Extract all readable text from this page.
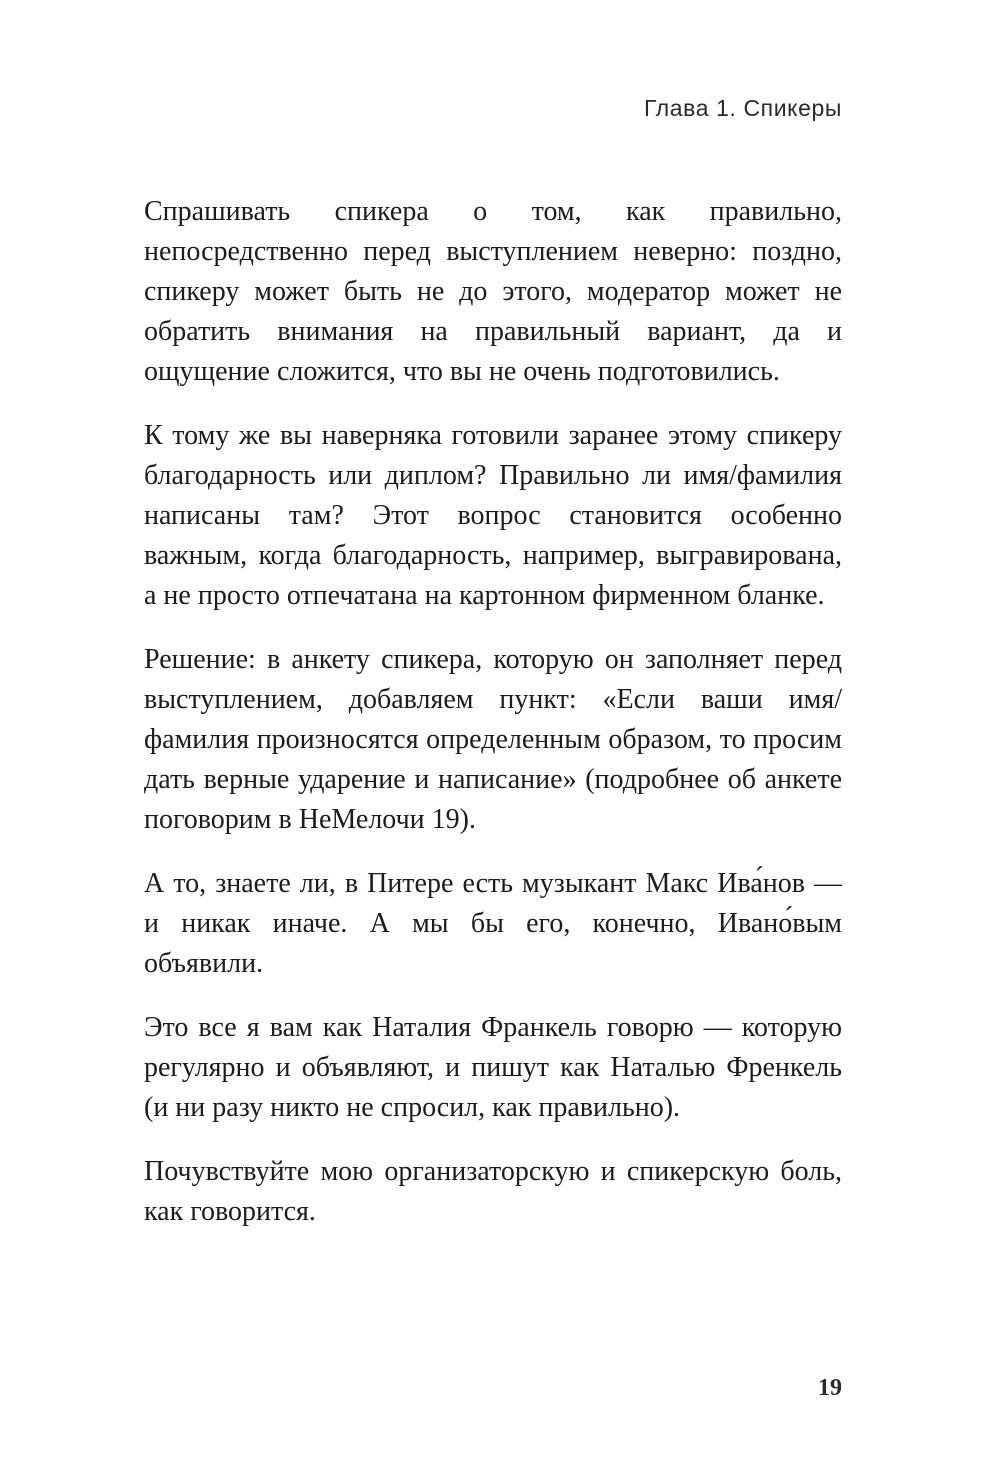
Глава 1. Спикеры

Спрашивать спикера о том, как правильно, непосредственно перед выступлением неверно: поздно, спикеру может быть не до этого, модератор может не обратить внимания на правильный вариант, да и ощущение сложится, что вы не очень подготовились.

К тому же вы наверняка готовили заранее этому спикеру благодарность или диплом? Правильно ли имя/фамилия написаны там? Этот вопрос становится особенно важным, когда благодарность, например, выгравирована, а не просто отпечатана на картонном фирменном бланке.

Решение: в анкету спикера, которую он заполняет перед выступлением, добавляем пункт: «Если ваши имя/фамилия произносятся определенным образом, то просим дать верные ударение и написание» (подробнее об анкете поговорим в НеМелочи 19).

А то, знаете ли, в Питере есть музыкант Макс Ива́нов — и никак иначе. А мы бы его, конечно, Ивано́вым объявили.

Это все я вам как Наталия Франкель говорю — которую регулярно и объявляют, и пишут как Наталью Френкель (и ни разу никто не спросил, как правильно).

Почувствуйте мою организаторскую и спикерскую боль, как говорится.

19
